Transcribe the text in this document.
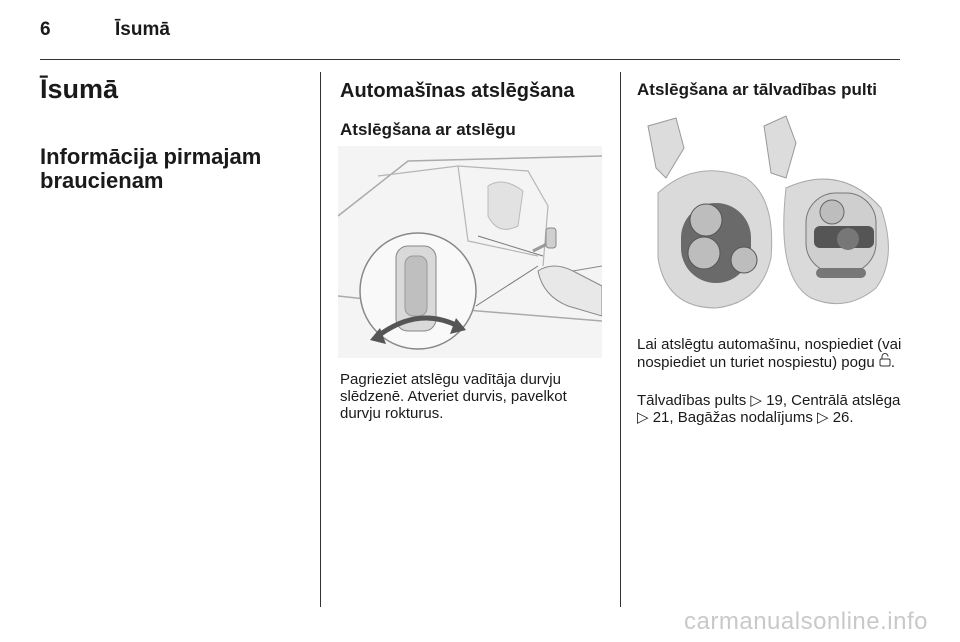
6	Īsumā
Īsumā
Informācija pirmajam braucienam
Automašīnas atslēgšana
Atslēgšana ar atslēgu

Pagrieziet atslēgu vadītāja durvju slēdzenē. Atveriet durvis, pavelkot durvju rokturus.

Atslēgšana ar tālvadības pulti

Lai atslēgtu automašīnu, nospiediet (vai nospiediet un turiet nospiestu) pogu .

Tālvadības pults ▷ 19, Centrālā atslēga ▷ 21, Bagāžas nodalījums ▷ 26.

carmanualsonline.info
